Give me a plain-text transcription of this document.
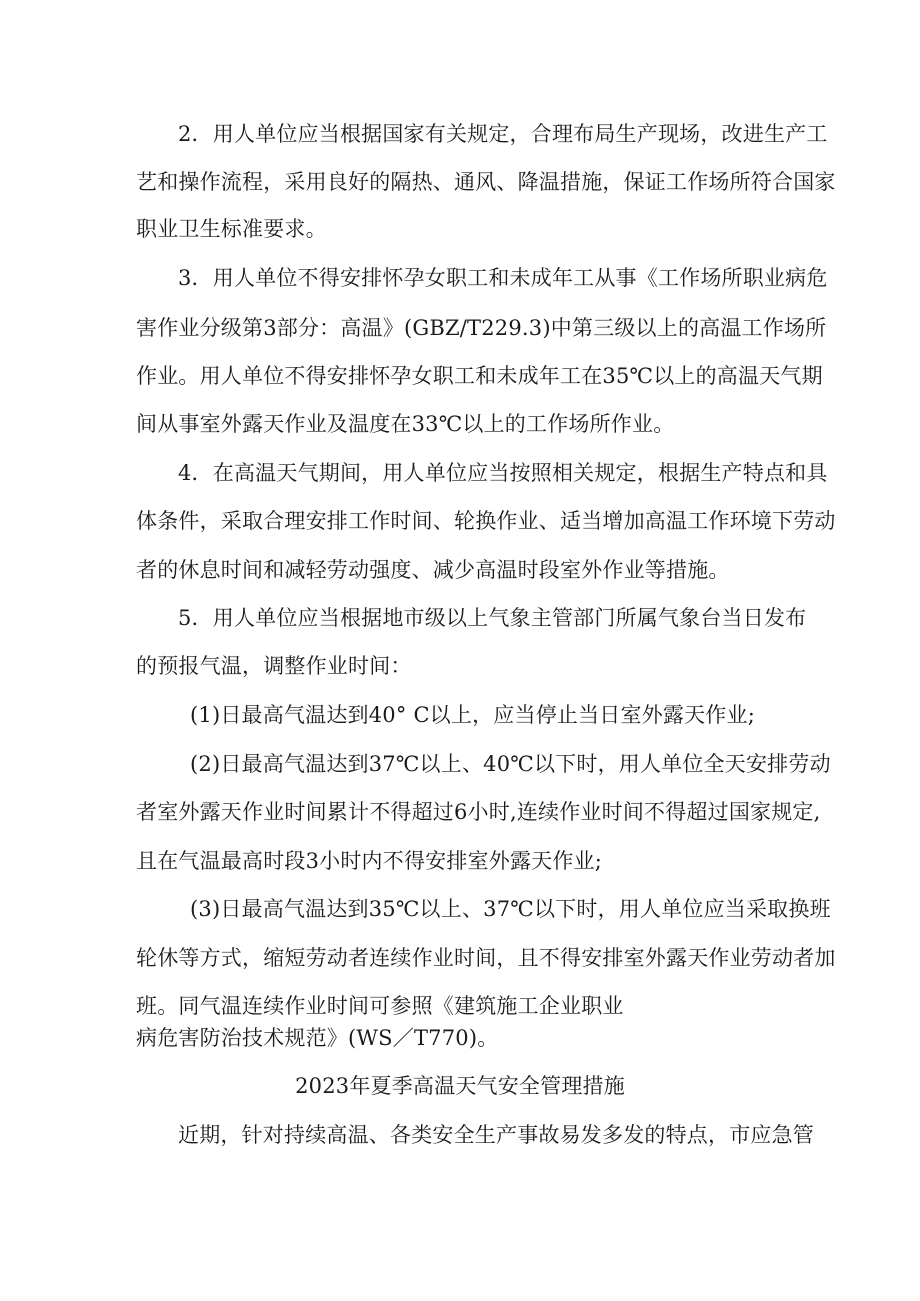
2．用人单位应当根据国家有关规定，合理布局生产现场，改进生产工
艺和操作流程，采用良好的隔热、通风、降温措施，保证工作场所符合国家
职业卫生标准要求。
3．用人单位不得安排怀孕女职工和未成年工从事《工作场所职业病危
害作业分级第3部分：高温》(GBZ/T229.3)中第三级以上的高温工作场所
作业。用人单位不得安排怀孕女职工和未成年工在35℃以上的高温天气期
间从事室外露天作业及温度在33℃以上的工作场所作业。
4．在高温天气期间，用人单位应当按照相关规定，根据生产特点和具
体条件，采取合理安排工作时间、轮换作业、适当增加高温工作环境下劳动
者的休息时间和减轻劳动强度、减少高温时段室外作业等措施。
5．用人单位应当根据地市级以上气象主管部门所属气象台当日发布
的预报气温，调整作业时间：
(1)日最高气温达到40° C以上，应当停止当日室外露天作业;
(2)日最高气温达到37℃以上、40℃以下时，用人单位全天安排劳动
者室外露天作业时间累计不得超过6小时,连续作业时间不得超过国家规定,
且在气温最高时段3小时内不得安排室外露天作业;
(3)日最高气温达到35℃以上、37℃以下时，用人单位应当采取换班
轮休等方式，缩短劳动者连续作业时间，且不得安排室外露天作业劳动者加
班。同气温连续作业时间可参照《建筑施工企业职业
病危害防治技术规范》(WS／T770)。
2023年夏季高温天气安全管理措施
近期，针对持续高温、各类安全生产事故易发多发的特点，市应急管
